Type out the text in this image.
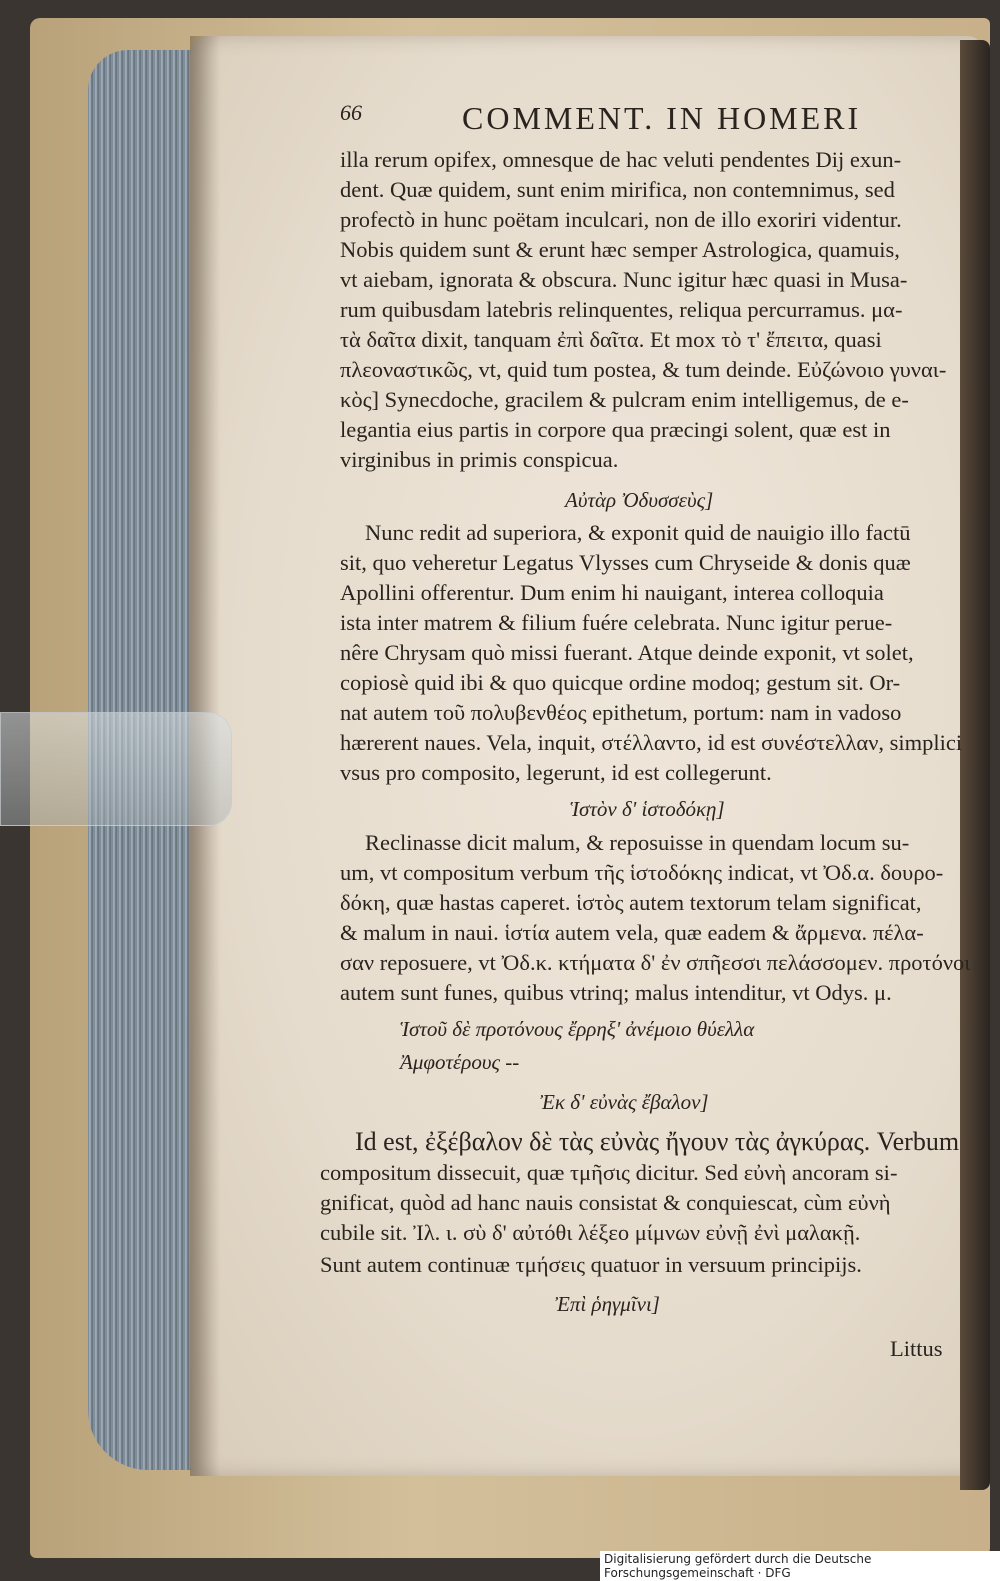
66	COMMENT. IN HOMERI
illa rerum opifex, omnesque de hac veluti pendentes Dij exun-
dent. Quæ quidem, sunt enim mirifica, non contemnimus, sed
profectò in hunc poëtam inculcari, non de illo exoriri videntur.
Nobis quidem sunt & erunt hæc semper Astrologica, quamuis,
vt aiebam, ignorata & obscura. Nunc igitur hæc quasi in Musa-
rum quibusdam latebris relinquentes, reliqua percurramus. μα-
τὰ δαῖτα dixit, tanquam ἐπὶ δαῖτα. Et mox τὸ τ' ἔπειτα, quasi
πλεοναστικῶς, vt, quid tum postea, & tum deinde. Εὐζώνοιο γυναι-
κὸς] Synecdoche, gracilem & pulcram enim intelligemus, de e-
legantia eius partis in corpore qua præcingi solent, quæ est in
virginibus in primis conspicua.
Αὐτὰρ Ὀδυσσεὺς]
Nunc redit ad superiora, & exponit quid de nauigio illo factū
sit, quo veheretur Legatus Vlysses cum Chryseide & donis quæ
Apollini offerentur. Dum enim hi nauigant, interea colloquia
ista inter matrem & filium fuére celebrata. Nunc igitur perue-
nêre Chrysam quò missi fuerant. Atque deinde exponit, vt solet,
copiosè quid ibi & quo quicque ordine modoq; gestum sit. Or-
nat autem τοῦ πολυβενθέος epithetum, portum: nam in vadoso
hærerent naues. Vela, inquit, στέλλαντο, id est συνέστελλαν, simplici
vsus pro composito, legerunt, id est collegerunt.
Ἱστὸν δ' ἱστοδόκῃ]
Reclinasse dicit malum, & reposuisse in quendam locum su-
um, vt compositum verbum τῆς ἱστοδόκης indicat, vt Ὀδ.α. δουρο-
δόκη, quæ hastas caperet. ἱστὸς autem textorum telam significat,
& malum in naui. ἱστία autem vela, quæ eadem & ἄρμενα. πέλα-
σαν reposuere, vt Ὀδ.κ. κτήματα δ' ἐν σπῆεσσι πελάσσομεν. προτόνοι
autem sunt funes, quibus vtrinq; malus intenditur, vt Odys. μ.
Ἱστοῦ δὲ προτόνους ἔρρηξ' ἀνέμοιο θύελλα
Ἀμφοτέρους --
Ἐκ δ' εὐνὰς ἔβαλον]
Id est, ἐξέβαλον δὲ τὰς εὐνὰς ἤγουν τὰς ἀγκύρας. Verbum
compositum dissecuit, quæ τμῆσις dicitur. Sed εὐνὴ ancoram si-
gnificat, quòd ad hanc nauis consistat & conquiescat, cùm εὐνὴ
cubile sit. Ἰλ. ι. σὺ δ' αὐτόθι λέξεο μίμνων εὐνῇ ἐνὶ μαλακῇ.
Sunt autem continuæ τμήσεις quatuor in versuum principijs.
Ἐπὶ ῥηγμῖνι]
Littus
Digitalisierung gefördert durch die Deutsche Forschungsgemeinschaft · DFG
